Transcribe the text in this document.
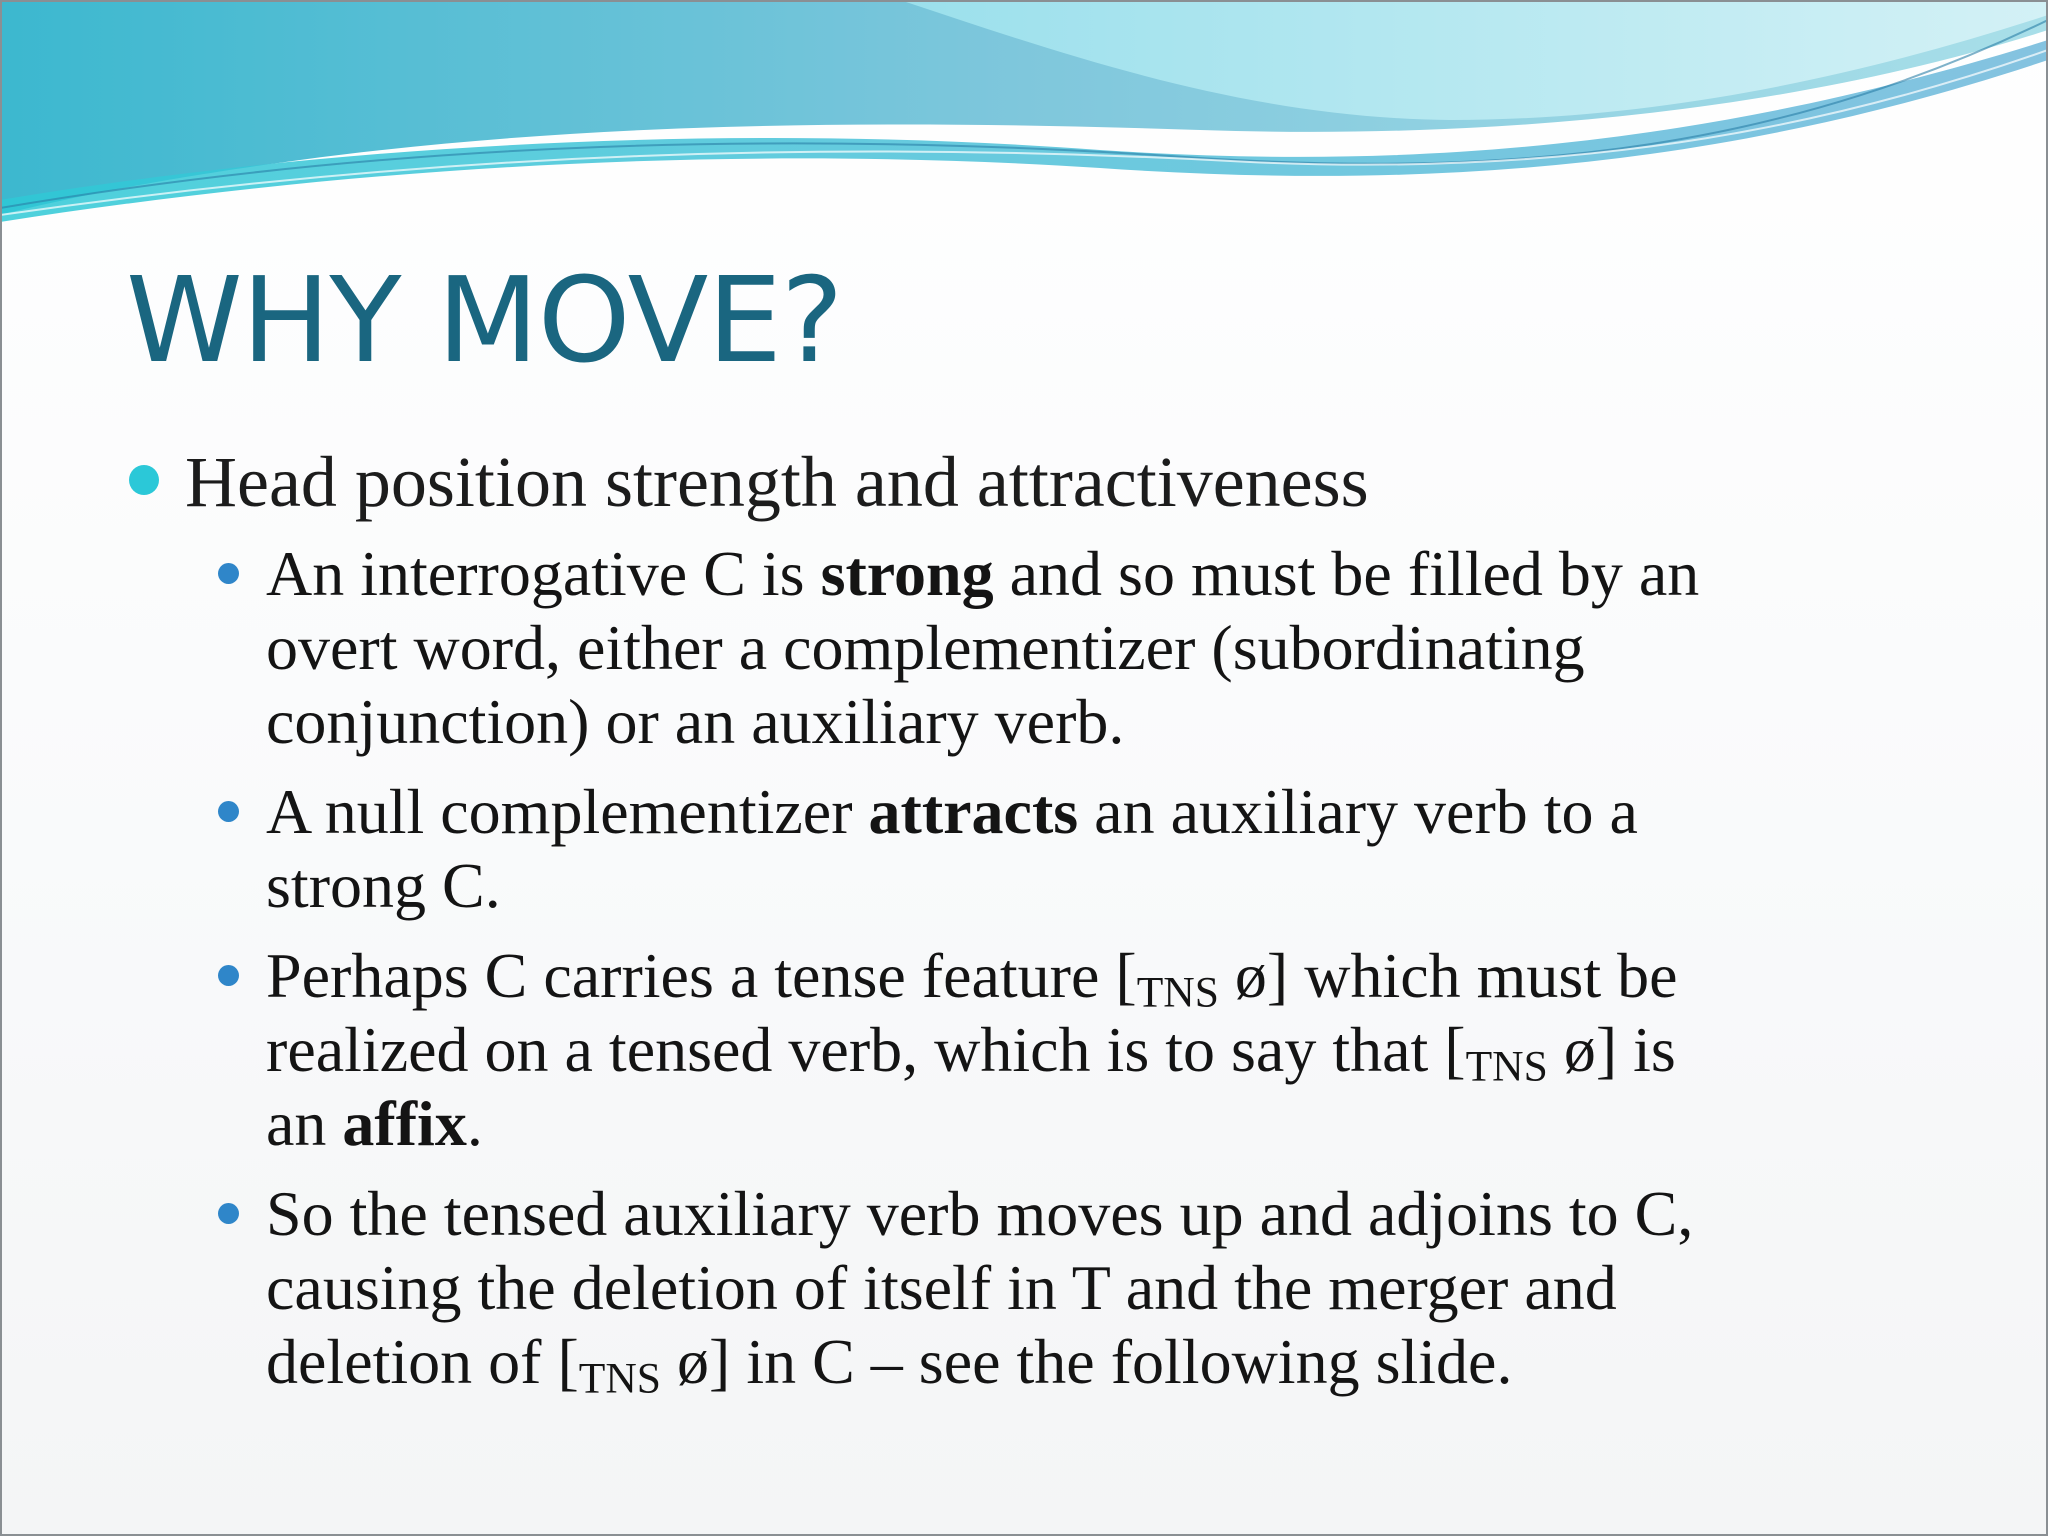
WHY MOVE?
Head position strength and attractiveness
An interrogative C is strong and so must be filled by an
overt word, either a complementizer (subordinating
conjunction) or an auxiliary verb.
A null complementizer attracts an auxiliary verb to a
strong C.
Perhaps C carries a tense feature [$_{TNS}$ ø] which must be
realized on a tensed verb, which is to say that [$_{TNS}$ ø] is
an affix.
So the tensed auxiliary verb moves up and adjoins to C,
causing the deletion of itself in T and the merger and
deletion of [$_{TNS}$ ø] in C – see the following slide.
